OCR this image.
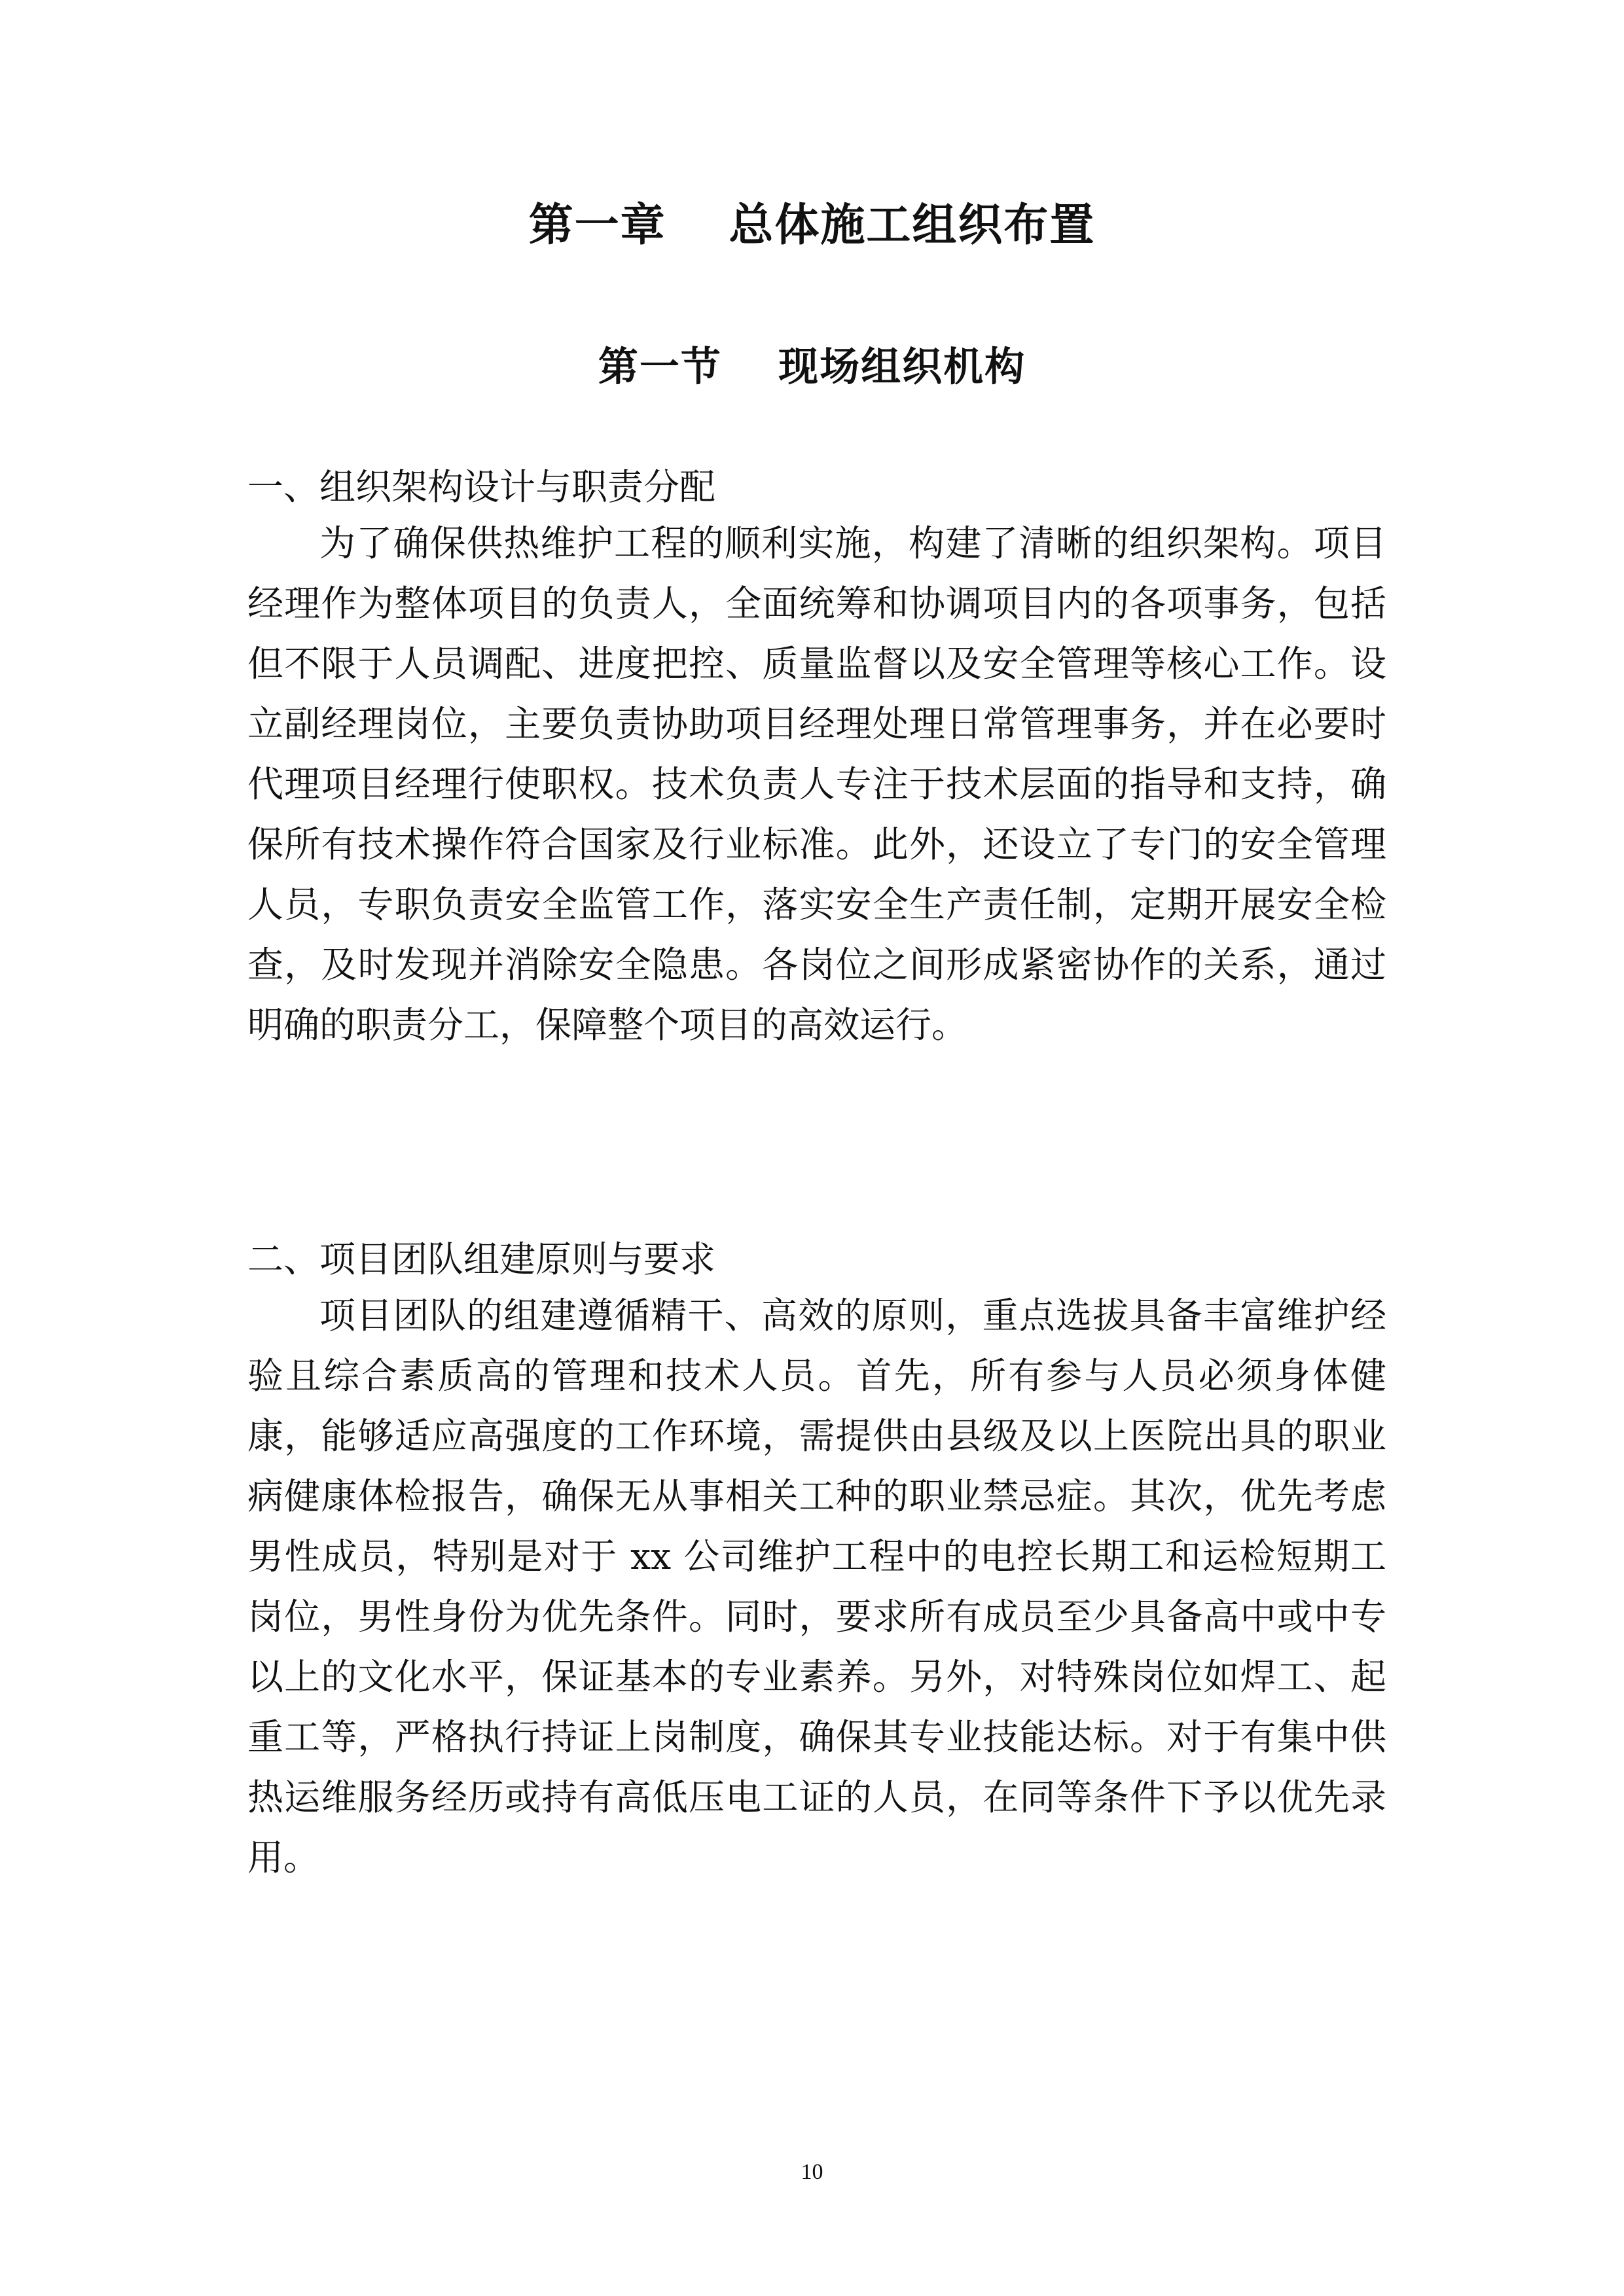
第一章　 总体施工组织布置
第一节　 现场组织机构
一、组织架构设计与职责分配

为了确保供热维护工程的顺利实施，构建了清晰的组织架构。项目经理作为整体项目的负责人，全面统筹和协调项目内的各项事务，包括但不限于人员调配、进度把控、质量监督以及安全管理等核心工作。设立副经理岗位，主要负责协助项目经理处理日常管理事务，并在必要时代理项目经理行使职权。技术负责人专注于技术层面的指导和支持，确保所有技术操作符合国家及行业标准。此外，还设立了专门的安全管理人员，专职负责安全监管工作，落实安全生产责任制，定期开展安全检查，及时发现并消除安全隐患。各岗位之间形成紧密协作的关系，通过明确的职责分工，保障整个项目的高效运行。

二、项目团队组建原则与要求

项目团队的组建遵循精干、高效的原则，重点选拔具备丰富维护经验且综合素质高的管理和技术人员。首先，所有参与人员必须身体健康，能够适应高强度的工作环境，需提供由县级及以上医院出具的职业病健康体检报告，确保无从事相关工种的职业禁忌症。其次，优先考虑男性成员，特别是对于 xx 公司维护工程中的电控长期工和运检短期工岗位，男性身份为优先条件。同时，要求所有成员至少具备高中或中专以上的文化水平，保证基本的专业素养。另外，对特殊岗位如焊工、起重工等，严格执行持证上岗制度，确保其专业技能达标。对于有集中供热运维服务经历或持有高低压电工证的人员，在同等条件下予以优先录用。

10
